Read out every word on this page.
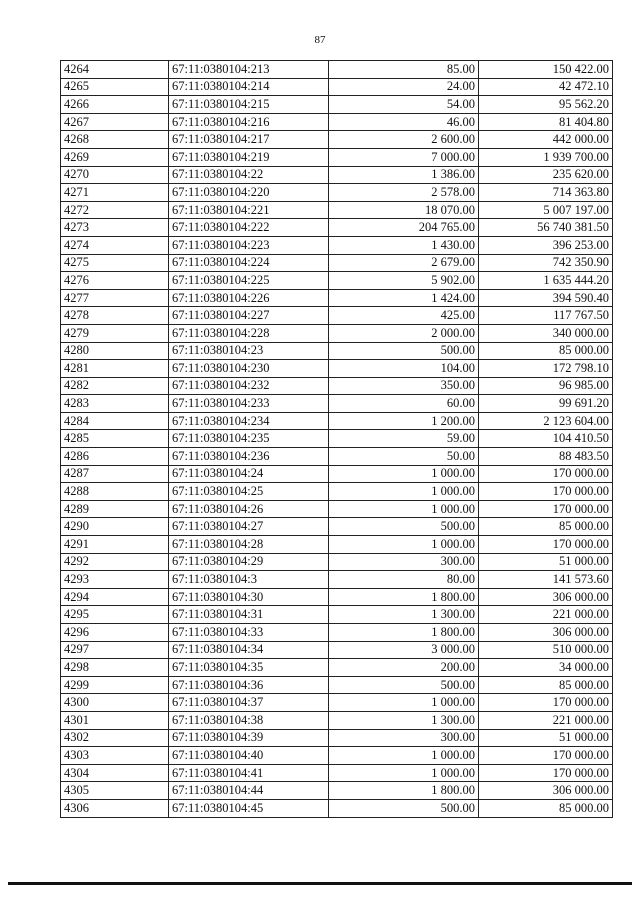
87
4264	67:11:0380104:213	85.00	150 422.00
4265	67:11:0380104:214	24.00	42 472.10
4266	67:11:0380104:215	54.00	95 562.20
4267	67:11:0380104:216	46.00	81 404.80
4268	67:11:0380104:217	2 600.00	442 000.00
4269	67:11:0380104:219	7 000.00	1 939 700.00
4270	67:11:0380104:22	1 386.00	235 620.00
4271	67:11:0380104:220	2 578.00	714 363.80
4272	67:11:0380104:221	18 070.00	5 007 197.00
4273	67:11:0380104:222	204 765.00	56 740 381.50
4274	67:11:0380104:223	1 430.00	396 253.00
4275	67:11:0380104:224	2 679.00	742 350.90
4276	67:11:0380104:225	5 902.00	1 635 444.20
4277	67:11:0380104:226	1 424.00	394 590.40
4278	67:11:0380104:227	425.00	117 767.50
4279	67:11:0380104:228	2 000.00	340 000.00
4280	67:11:0380104:23	500.00	85 000.00
4281	67:11:0380104:230	104.00	172 798.10
4282	67:11:0380104:232	350.00	96 985.00
4283	67:11:0380104:233	60.00	99 691.20
4284	67:11:0380104:234	1 200.00	2 123 604.00
4285	67:11:0380104:235	59.00	104 410.50
4286	67:11:0380104:236	50.00	88 483.50
4287	67:11:0380104:24	1 000.00	170 000.00
4288	67:11:0380104:25	1 000.00	170 000.00
4289	67:11:0380104:26	1 000.00	170 000.00
4290	67:11:0380104:27	500.00	85 000.00
4291	67:11:0380104:28	1 000.00	170 000.00
4292	67:11:0380104:29	300.00	51 000.00
4293	67:11:0380104:3	80.00	141 573.60
4294	67:11:0380104:30	1 800.00	306 000.00
4295	67:11:0380104:31	1 300.00	221 000.00
4296	67:11:0380104:33	1 800.00	306 000.00
4297	67:11:0380104:34	3 000.00	510 000.00
4298	67:11:0380104:35	200.00	34 000.00
4299	67:11:0380104:36	500.00	85 000.00
4300	67:11:0380104:37	1 000.00	170 000.00
4301	67:11:0380104:38	1 300.00	221 000.00
4302	67:11:0380104:39	300.00	51 000.00
4303	67:11:0380104:40	1 000.00	170 000.00
4304	67:11:0380104:41	1 000.00	170 000.00
4305	67:11:0380104:44	1 800.00	306 000.00
4306	67:11:0380104:45	500.00	85 000.00
